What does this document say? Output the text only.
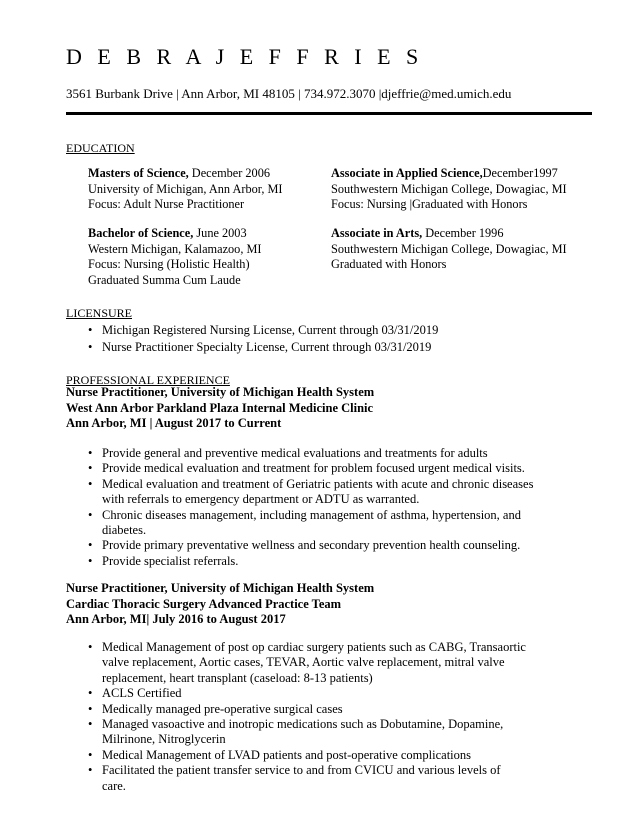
D E B R A J E F F R I E S
3561 Burbank Drive | Ann Arbor, MI 48105 | 734.972.3070 |djeffrie@med.umich.edu
EDUCATION
Masters of Science, December 2006
University of Michigan, Ann Arbor, MI
Focus: Adult Nurse Practitioner
Associate in Applied Science,December1997
Southwestern Michigan College, Dowagiac, MI
Focus: Nursing |Graduated with Honors
Bachelor of Science, June 2003
Western Michigan, Kalamazoo, MI
Focus: Nursing (Holistic Health)
Graduated Summa Cum Laude
Associate in Arts, December 1996
Southwestern Michigan College, Dowagiac, MI
Graduated with Honors
LICENSURE
• Michigan Registered Nursing License, Current through 03/31/2019
• Nurse Practitioner Specialty License, Current through 03/31/2019
PROFESSIONAL EXPERIENCE
Nurse Practitioner, University of Michigan Health System
West Ann Arbor Parkland Plaza Internal Medicine Clinic
Ann Arbor, MI | August 2017 to Current
• Provide general and preventive medical evaluations and treatments for adults
• Provide medical evaluation and treatment for problem focused urgent medical visits.
• Medical evaluation and treatment of Geriatric patients with acute and chronic diseases
with referrals to emergency department or ADTU as warranted.
• Chronic diseases management, including management of asthma, hypertension, and
diabetes.
• Provide primary preventative wellness and secondary prevention health counseling.
• Provide specialist referrals.
Nurse Practitioner, University of Michigan Health System
Cardiac Thoracic Surgery Advanced Practice Team
Ann Arbor, MI| July 2016 to August 2017
• Medical Management of post op cardiac surgery patients such as CABG, Transaortic
valve replacement, Aortic cases, TEVAR, Aortic valve replacement, mitral valve
replacement, heart transplant (caseload: 8-13 patients)
• ACLS Certified
• Medically managed pre-operative surgical cases
• Managed vasoactive and inotropic medications such as Dobutamine, Dopamine,
Milrinone, Nitroglycerin
• Medical Management of LVAD patients and post-operative complications
• Facilitated the patient transfer service to and from CVICU and various levels of
care.
